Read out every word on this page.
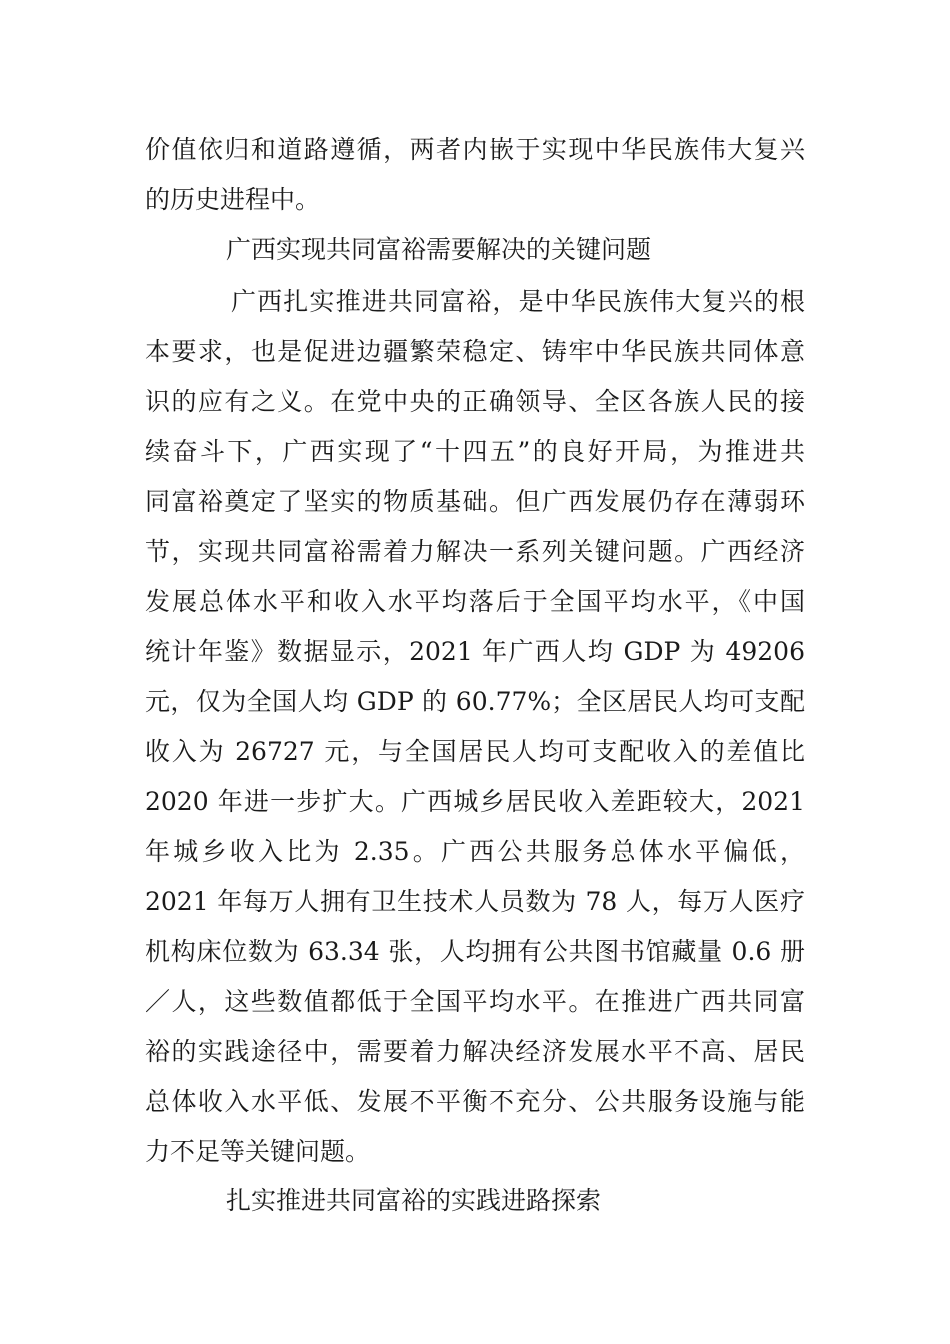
价值依归和道路遵循，两者内嵌于实现中华民族伟大复兴
的历史进程中。
广西实现共同富裕需要解决的关键问题
广西扎实推进共同富裕，是中华民族伟大复兴的根
本要求，也是促进边疆繁荣稳定、铸牢中华民族共同体意
识的应有之义。在党中央的正确领导、全区各族人民的接
续奋斗下，广西实现了“十四五”的良好开局，为推进共
同富裕奠定了坚实的物质基础。但广西发展仍存在薄弱环
节，实现共同富裕需着力解决一系列关键问题。广西经济
发展总体水平和收入水平均落后于全国平均水平，《中国
统计年鉴》数据显示，2021 年广西人均 GDP 为 49206
元，仅为全国人均 GDP 的 60.77%；全区居民人均可支配
收入为 26727 元，与全国居民人均可支配收入的差值比
2020 年进一步扩大。广西城乡居民收入差距较大，2021
年城乡收入比为 2.35。广西公共服务总体水平偏低，
2021 年每万人拥有卫生技术人员数为 78 人，每万人医疗
机构床位数为 63.34 张，人均拥有公共图书馆藏量 0.6 册
／人，这些数值都低于全国平均水平。在推进广西共同富
裕的实践途径中，需要着力解决经济发展水平不高、居民
总体收入水平低、发展不平衡不充分、公共服务设施与能
力不足等关键问题。
扎实推进共同富裕的实践进路探索
